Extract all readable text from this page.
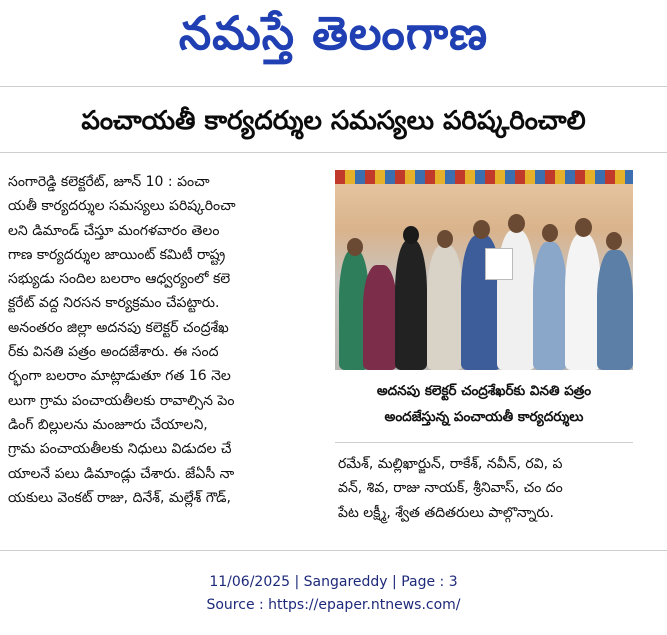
నమస్తే తెలంగాణ
పంచాయతీ కార్యదర్శుల సమస్యలు పరిష్కరించాలి
సంగారెడ్డి కలెక్టరేట్, జూన్ 10 : పంచా
యతీ కార్యదర్శుల సమస్యలు పరిష్కరించా
లని డిమాండ్ చేస్తూ మంగళవారం తెలం
గాణ కార్యదర్శుల జాయింట్ కమిటీ రాష్ట్ర
సభ్యుడు సందిల బలరాం ఆధ్వర్యంలో కలె
క్టరేట్ వద్ద నిరసన కార్యక్రమం చేపట్టారు.
అనంతరం జిల్లా అదనపు కలెక్టర్ చంద్రశేఖ
ర్‌కు వినతి పత్రం అందజేశారు. ఈ సంద
ర్భంగా బలరాం మాట్లాడుతూ గత 16 నెల
లుగా గ్రామ పంచాయతీలకు రావాల్సిన పెం
డింగ్ బిల్లులను మంజూరు చేయాలని,
గ్రామ పంచాయతీలకు నిధులు విడుదల చే
యాలనే పలు డిమాండ్లు చేశారు. జేఏసీ నా
యకులు వెంకట్ రాజు, దినేశ్, మల్లేశ్ గౌడ్,
అదనపు కలెక్టర్ చంద్రశేఖర్‌కు వినతి పత్రం
అందజేస్తున్న పంచాయతీ కార్యదర్శులు
రమేశ్, మల్లిఖార్జున్, రాకేశ్, నవీన్, రవి, ప
వన్, శివ, రాజు నాయక్, శ్రీనివాస్, చం దం
పేట లక్ష్మీ, శ్వేత తదితరులు పాల్గొన్నారు.
11/06/2025 | Sangareddy | Page : 3
Source : https://epaper.ntnews.com/
